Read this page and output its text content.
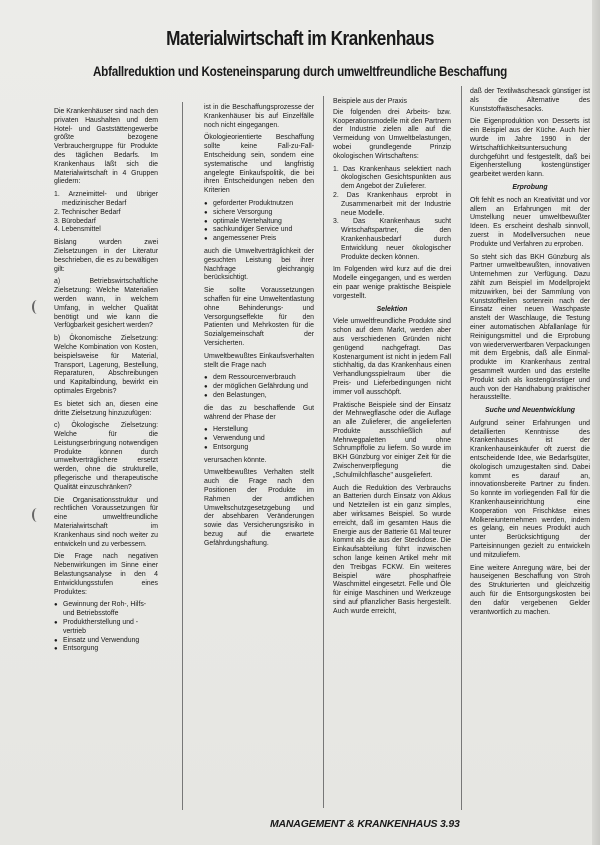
Materialwirtschaft im Krankenhaus
Abfallreduktion und Kosteneinsparung durch umweltfreundliche Beschaffung

Die Krankenhäuser sind nach den privaten Haushalten und dem Hotel- und Gaststättengewerbe größte bezogene Verbrauchergruppe für Produkte des täglichen Bedarfs. Im Krankenhaus läßt sich die Materialwirtschaft in 4 Gruppen gliedern:

1. Arzneimittel- und übriger medizinischer Bedarf

2. Technischer Bedarf

3. Bürobedarf

4. Lebensmittel

Bislang wurden zwei Zielsetzungen in der Literatur beschrieben, die es zu bewältigen gilt:

a) Betriebswirtschaftliche Zielsetzung: Welche Materialien werden wann, in welchem Umfang, in welcher Qualität benötigt und wie kann die Verfügbarkeit gesichert werden?

b) Ökonomische Zielsetzung: Welche Kombination von Kosten, beispielsweise für Material, Transport, Lagerung, Bestellung, Reparaturen, Abschreibungen und Kapitalbindung, bewirkt ein optimales Ergebnis?

Es bietet sich an, diesen eine dritte Zielsetzung hinzuzufügen:

c) Ökologische Zielsetzung: Welche für die Leistungserbringung notwendigen Produkte können durch umweltverträglichere ersetzt werden, ohne die strukturelle, pflegerische und therapeutische Qualität einzuschränken?

Die Organisationsstruktur und rechtlichen Voraussetzungen für eine umweltfreundliche Materialwirtschaft im Krankenhaus sind noch weiter zu entwickeln und zu verbessern.

Die Frage nach negativen Nebenwirkungen im Sinne einer Belastungsanalyse in den 4 Entwicklungsstufen eines Produktes:

● Gewinnung der Roh-, Hilfs- und Betriebsstoffe
● Produktherstellung und -vertrieb
● Einsatz und Verwendung
● Entsorgung

ist in die Beschaffungsprozesse der Krankenhäuser bis auf Einzelfälle noch nicht eingegangen.

Ökologieorientierte Beschaffung sollte keine Fall-zu-Fall-Entscheidung sein, sondern eine systematische und langfristig angelegte Einkaufspolitik, die bei ihren Entscheidungen neben den Kriterien

● geforderter Produktnutzen
● sichere Versorgung
● optimale Wertehaltung
● sachkundiger Service und
● angemessener Preis

auch die Umweltverträglichkeit der gesuchten Leistung bei ihrer Nachfrage gleichrangig berücksichtigt.

Sie sollte Voraussetzungen schaffen für eine Umweltentlastung ohne Behinderungs- und Versorgungseffekte für den Patienten und Mehrkosten für die Sozialgemeinschaft der Versicherten.

Umweltbewußtes Einkaufsverhalten stellt die Frage nach

● dem Ressourcenverbrauch
● der möglichen Gefährdung und
● den Belastungen,

die das zu beschaffende Gut während der Phase der

● Herstellung
● Verwendung und
● Entsorgung

verursachen könnte.

Umweltbewußtes Verhalten stellt auch die Frage nach den Positionen der Produkte im Rahmen der amtlichen Umweltschutzgesetzgebung und der absehbaren Veränderungen sowie das Versicherungsrisiko in bezug auf die erwartete Gefährdungshaftung.

Beispiele aus der Praxis

Die folgenden drei Arbeits- bzw. Kooperationsmodelle mit den Partnern der Industrie zielen alle auf die Vermeidung von Umweltbelastungen, wobei grundlegende Prinzip ökologischen Wirtschaftens:

1. Das Krankenhaus selektiert nach ökologischen Gesichtspunkten aus dem Angebot der Zulieferer.

2. Das Krankenhaus erprobt in Zusammenarbeit mit der Industrie neue Modelle.

3. Das Krankenhaus sucht Wirtschaftspartner, die den Krankenhausbedarf durch Entwicklung neuer ökologischer Produkte decken können.

Im Folgenden wird kurz auf die drei Modelle eingegangen, und es werden ein paar wenige praktische Beispiele vorgestellt.

Selektion

Viele umweltfreundliche Produkte sind schon auf dem Markt, werden aber aus verschiedenen Gründen nicht genügend nachgefragt. Das Kostenargument ist nicht in jedem Fall stichhaltig, da das Krankenhaus einen Verhandlungsspielraum über die Preis- und Lieferbedingungen nicht immer voll ausschöpft.

Praktische Beispiele sind der Einsatz der Mehrwegflasche oder die Auflage an alle Zulieferer, die angelieferten Produkte ausschließlich auf Mehrwegpaletten und ohne Schrumpffolie zu liefern. So wurde im BKH Günzburg vor einiger Zeit für die Zwischenverpflegung die „Schulmilchflasche" ausgeliefert.

Auch die Reduktion des Verbrauchs an Batterien durch Einsatz von Akkus und Netzteilen ist ein ganz simples, aber wirksames Beispiel. So wurde erreicht, daß im gesamten Haus die Energie aus der Batterie 61 Mal teurer kommt als die aus der Steckdose. Die Einkaufsabteilung führt inzwischen schon lange keinen Artikel mehr mit den Treibgas FCKW. Ein weiteres Beispiel wäre phosphatfreie Waschmittel eingesetzt. Felle und Öle für einige Maschinen und Werkzeuge sind auf pflanzlicher Basis hergestellt. Auch wurde erreicht,

daß der Textilwäschesack günstiger ist als die Alternative des Kunststoffwäschesacks.

Die Eigenproduktion von Desserts ist ein Beispiel aus der Küche. Auch hier wurde im Jahre 1990 in der Wirtschaftlichkeitsuntersuchung durchgeführt und festgestellt, daß bei Eigenherstellung kostengünstiger gearbeitet werden kann.

Erprobung

Oft fehlt es noch an Kreativität und vor allem an Erfahrungen mit der Umstellung neuer umweltbewußter Ideen. Es erscheint deshalb sinnvoll, zuerst in Modellversuchen neue Produkte und Verfahren zu erproben.

So steht sich das BKH Günzburg als Partner umweltbewußten, innovativen Unternehmen zur Verfügung. Dazu zählt zum Beispiel im Modellprojekt mitzuwirken, bei der Sammlung von Kunststoffteilen sortenrein nach der Einsatz einer neuen Waschpaste anstelt der Waschlauge, die Testung einer automatischen Abfallanlage für Reinigungsmittel und die Erprobung von wiederverwertbaren Verpackungen mit dem Ergebnis, daß alle Einmal-produkte im Krankenhaus zentral gesammelt wurden und das erstellte Produkt sich als kostengünstiger und auch von der Handhabung praktischer herausstellte.

Suche und Neuentwicklung

Aufgrund seiner Erfahrungen und detaillierten Kenntnisse des Krankenhauses ist der Krankenhauseinkäufer oft zuerst die entscheidende Idee, wie Bedarfsgüter, ökologisch umzugestalten sind. Dabei kommt es darauf an, innovationsbereite Partner zu finden. So konnte im vorliegenden Fall für die Krankenhauseinrichtung eine Kooperation von Frischkäse eines Molkereiunternehmen werden, indem es gelang, ein neues Produkt auch unter Berücksichtigung der Parteisinnungen gezielt zu entwickeln und mitzuliefern.

Eine weitere Anregung wäre, bei der hauseigenen Beschaffung von Stroh des Strukturierten und gleichzeitig auch für die Entsorgungskosten bei den dafür vergebenen Gelder verantwortlich zu machen.

MANAGEMENT & KRANKENHAUS 3.93
